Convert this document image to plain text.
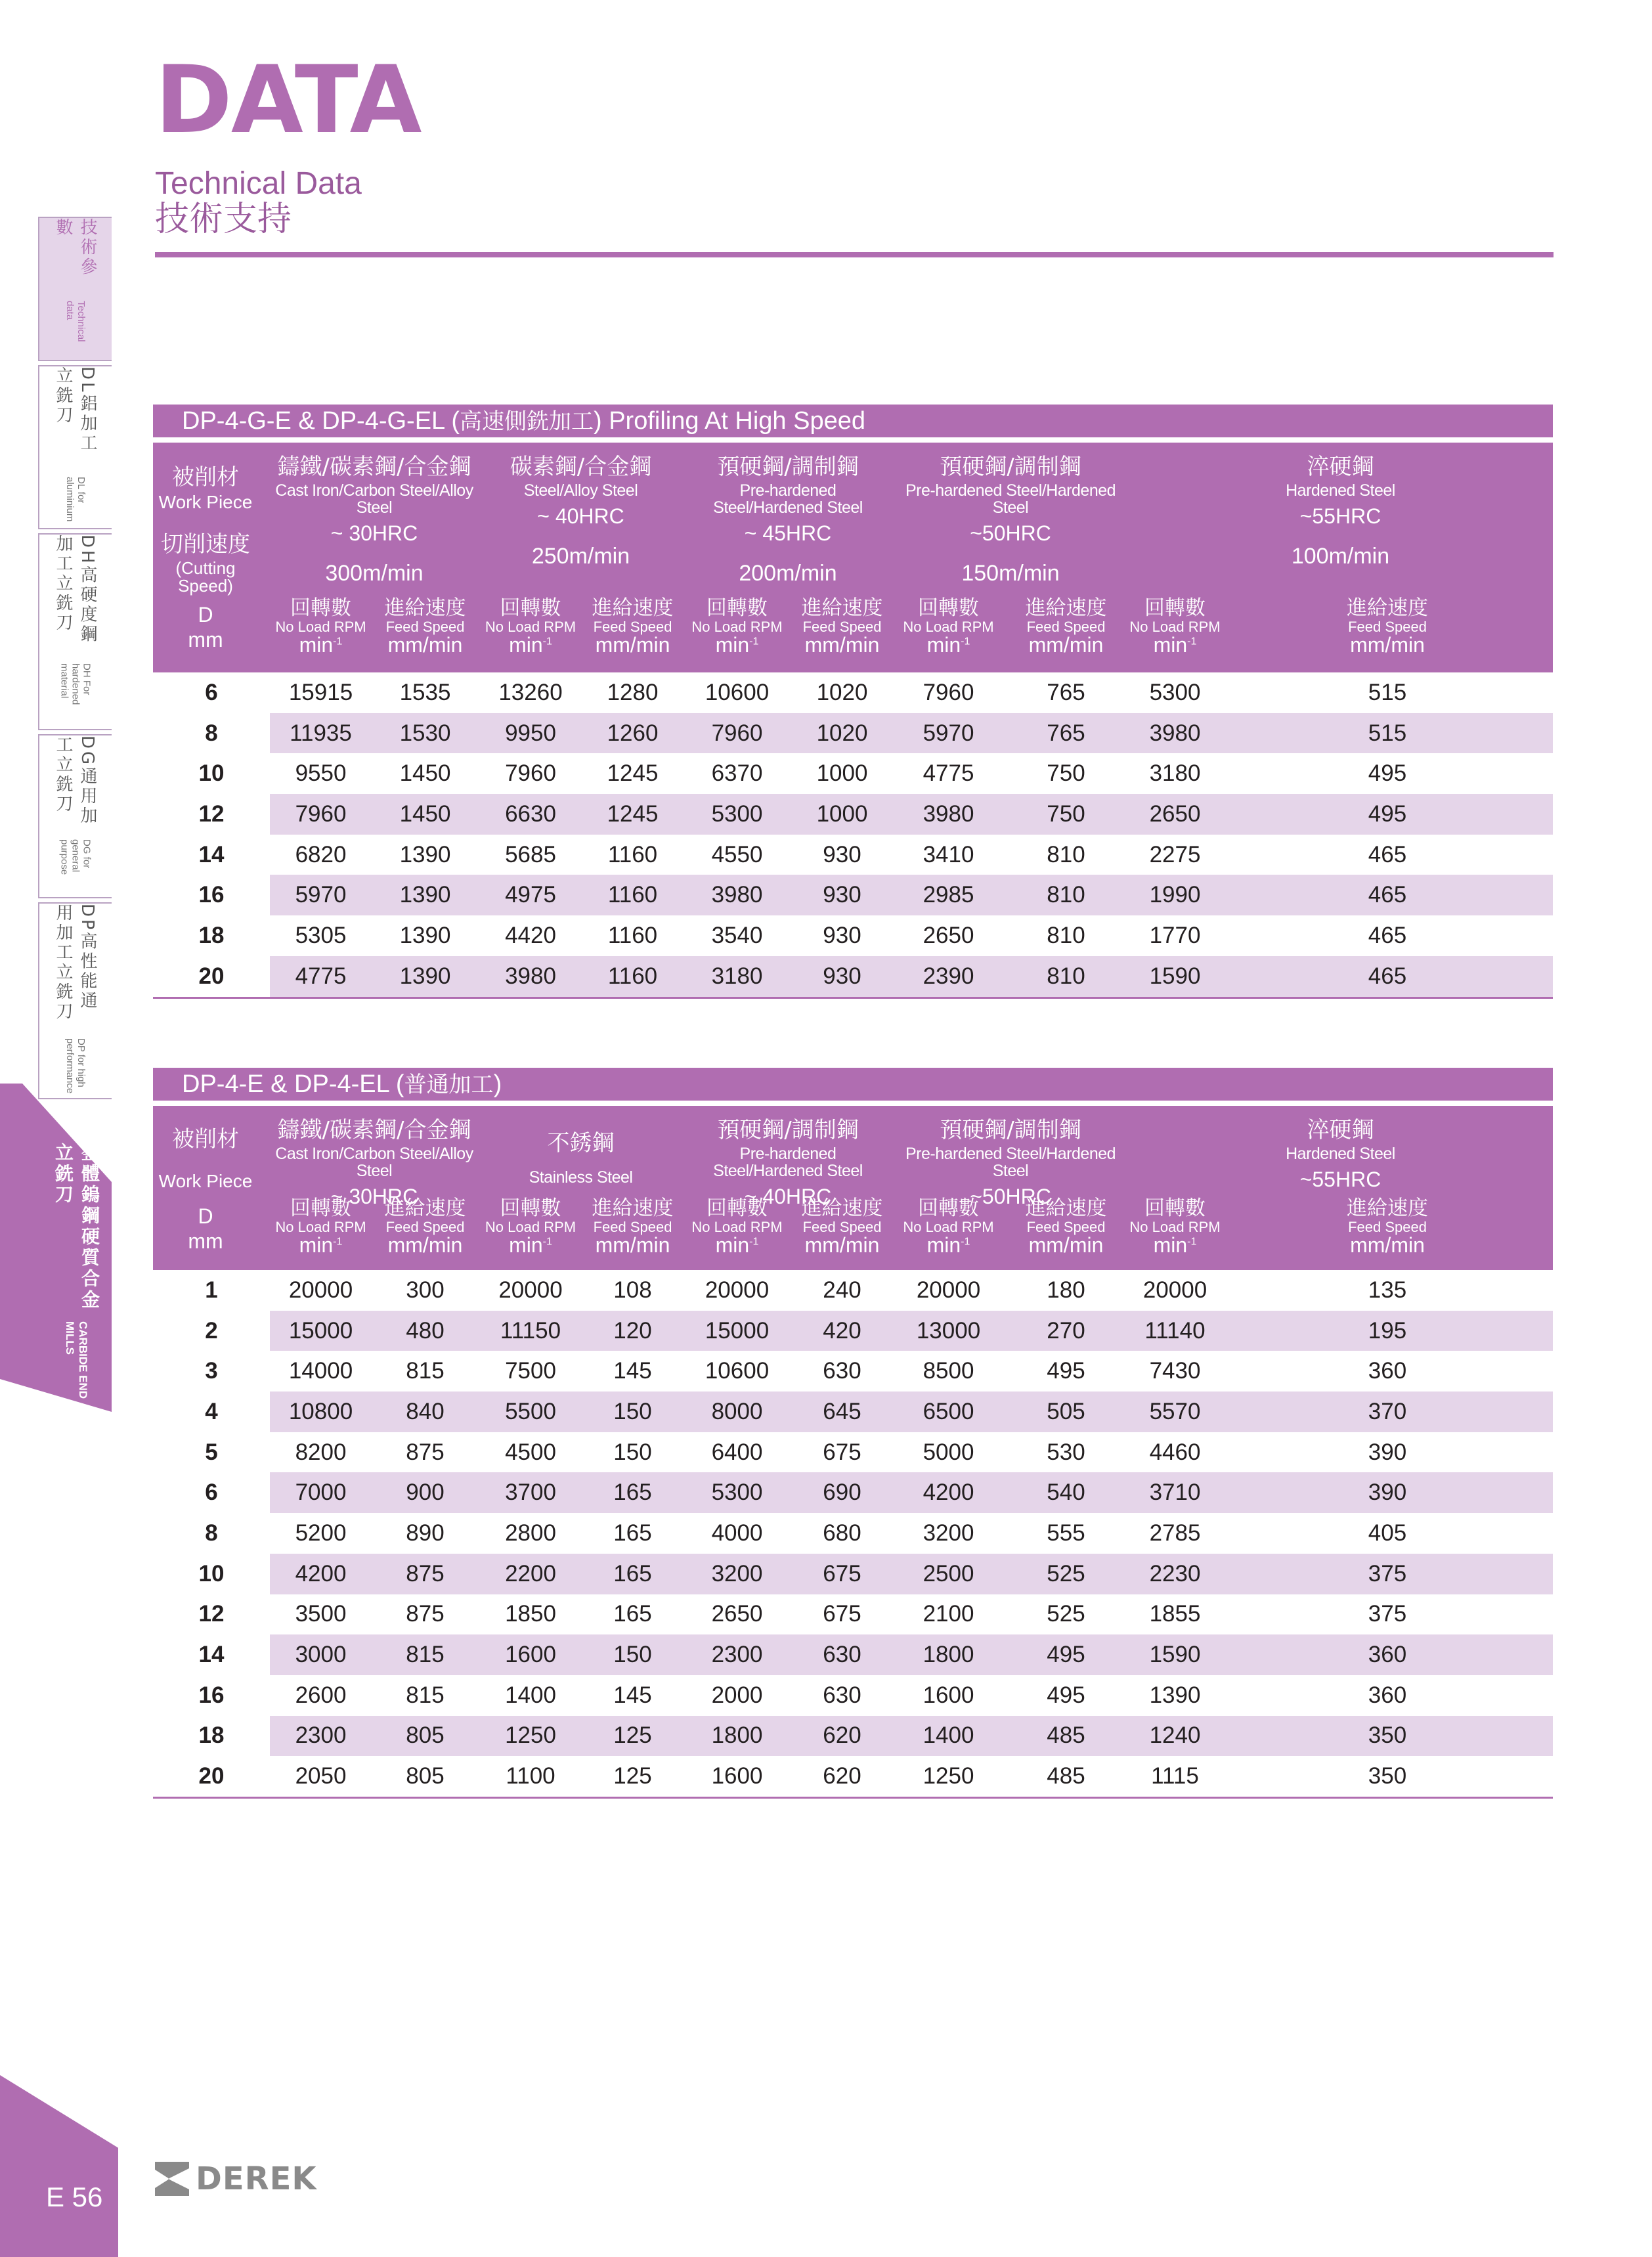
DATA
Technical Data
技術支持
技術參數
Technical data
DL鋁加工立銑刀
DL for aluminium
DH高硬度鋼加工立銑刀
DH For hardened material
DG通用加工立銑刀
DG for general purpose
DP高性能通用加工立銑刀
DP for high performance
整體鎢鋼硬質合金立銑刀
CARBIDE END MILLS
DP-4-G-E & DP-4-G-EL (高速側銑加工) Profiling At High Speed
被削材
Work Piece
切削速度
(Cutting Speed)
D
mm
鑄鐵/碳素鋼/合金鋼
Cast Iron/Carbon Steel/Alloy Steel
~ 30HRC
300m/min
碳素鋼/合金鋼
Steel/Alloy Steel
~ 40HRC
250m/min
預硬鋼/調制鋼
Pre-hardened Steel/Hardened Steel
~ 45HRC
200m/min
預硬鋼/調制鋼
Pre-hardened Steel/Hardened Steel
~50HRC
150m/min
淬硬鋼
Hardened Steel
~55HRC
100m/min
回轉數
No Load RPM
$\min^{-1}$
進給速度
Feed Speed
mm/min
回轉數
No Load RPM
$\min^{-1}$
進給速度
Feed Speed
mm/min
回轉數
No Load RPM
$\min^{-1}$
進給速度
Feed Speed
mm/min
回轉數
No Load RPM
$\min^{-1}$
進給速度
Feed Speed
mm/min
回轉數
No Load RPM
$\min^{-1}$
進給速度
Feed Speed
mm/min
6	15915	1535	13260	1280	10600	1020	7960	765	5300	515
8	11935	1530	9950	1260	7960	1020	5970	765	3980	515
10	9550	1450	7960	1245	6370	1000	4775	750	3180	495
12	7960	1450	6630	1245	5300	1000	3980	750	2650	495
14	6820	1390	5685	1160	4550	930	3410	810	2275	465
16	5970	1390	4975	1160	3980	930	2985	810	1990	465
18	5305	1390	4420	1160	3540	930	2650	810	1770	465
20	4775	1390	3980	1160	3180	930	2390	810	1590	465
DP-4-E & DP-4-EL (普通加工)
被削材
Work Piece
D
mm
鑄鐵/碳素鋼/合金鋼
Cast Iron/Carbon Steel/Alloy Steel
~ 30HRC
不銹鋼
Stainless Steel
預硬鋼/調制鋼
Pre-hardened Steel/Hardened Steel
~ 40HRC
預硬鋼/調制鋼
Pre-hardened Steel/Hardened Steel
~50HRC
淬硬鋼
Hardened Steel
~55HRC
回轉數
No Load RPM
$\min^{-1}$
進給速度
Feed Speed
mm/min
回轉數
No Load RPM
$\min^{-1}$
進給速度
Feed Speed
mm/min
回轉數
No Load RPM
$\min^{-1}$
進給速度
Feed Speed
mm/min
回轉數
No Load RPM
$\min^{-1}$
進給速度
Feed Speed
mm/min
回轉數
No Load RPM
$\min^{-1}$
進給速度
Feed Speed
mm/min
1	20000	300	20000	108	20000	240	20000	180	20000	135
2	15000	480	11150	120	15000	420	13000	270	11140	195
3	14000	815	7500	145	10600	630	8500	495	7430	360
4	10800	840	5500	150	8000	645	6500	505	5570	370
5	8200	875	4500	150	6400	675	5000	530	4460	390
6	7000	900	3700	165	5300	690	4200	540	3710	390
8	5200	890	2800	165	4000	680	3200	555	2785	405
10	4200	875	2200	165	3200	675	2500	525	2230	375
12	3500	875	1850	165	2650	675	2100	525	1855	375
14	3000	815	1600	150	2300	630	1800	495	1590	360
16	2600	815	1400	145	2000	630	1600	495	1390	360
18	2300	805	1250	125	1800	620	1400	485	1240	350
20	2050	805	1100	125	1600	620	1250	485	1115	350
E 56	DEREK
